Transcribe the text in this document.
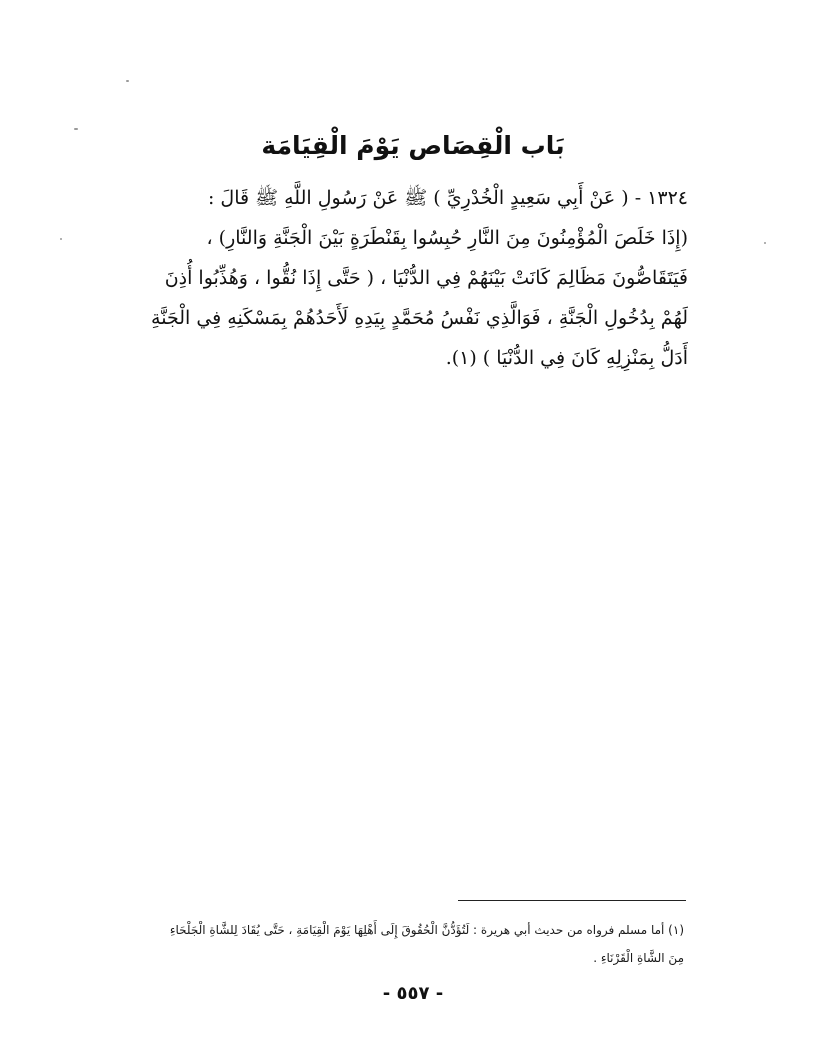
بَاب الْقِصَاص يَوْمَ الْقِيَامَة
١٣٢٤ - ( عَنْ أَبِي سَعِيدٍ الْخُدْرِيِّ ) ﷺ عَنْ رَسُولِ اللَّهِ ﷺ قَالَ :
(إِذَا خَلَصَ الْمُؤْمِنُونَ مِنَ النَّارِ حُبِسُوا بِقَنْطَرَةٍ بَيْنَ الْجَنَّةِ وَالنَّارِ) ،
فَيَتَقَاصُّونَ مَظَالِمَ كَانَتْ بَيْنَهُمْ فِي الدُّنْيَا ، ( حَتَّى إِذَا نُقُّوا ، وَهُذِّبُوا أُذِنَ
لَهُمْ بِدُخُولِ الْجَنَّةِ ، فَوَالَّذِي نَفْسُ مُحَمَّدٍ بِيَدِهِ لَأَحَدُهُمْ بِمَسْكَنِهِ فِي الْجَنَّةِ
أَدَلُّ بِمَنْزِلِهِ كَانَ فِي الدُّنْيَا ) (١).
(١) أما مسلم فرواه من حديث أبي هريرة : لَتُؤَدُّنَّ الْحُقُوقَ إِلَى أَهْلِهَا يَوْمَ الْقِيَامَةِ ، حَتَّى يُقَادَ لِلشَّاةِ الْجَلْحَاءِ
مِنَ الشَّاةِ الْقَرْنَاءِ .
- ٥٥٧ -
